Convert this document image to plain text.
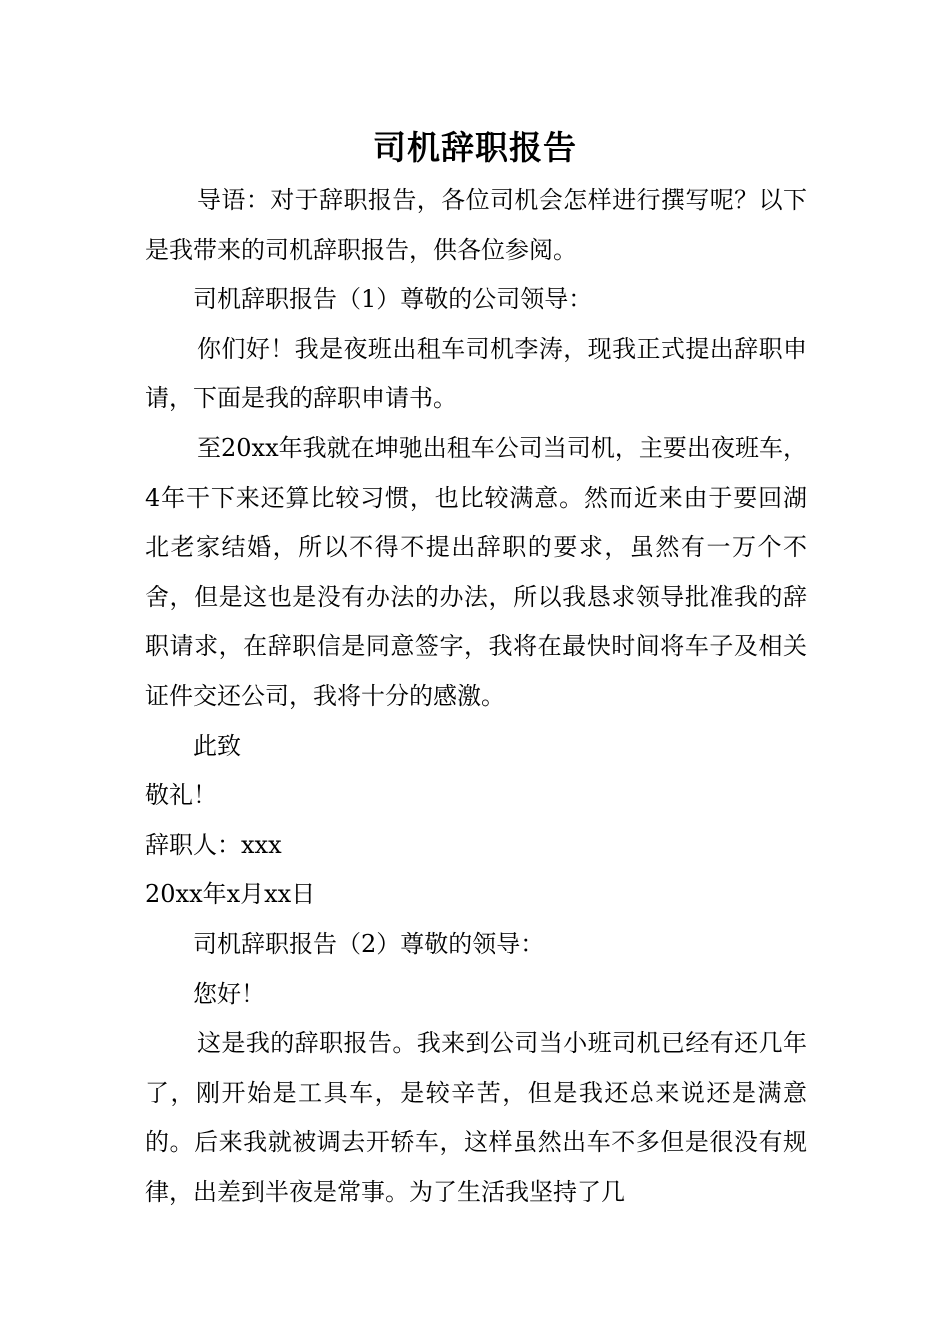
司机辞职报告

导语：对于辞职报告，各位司机会怎样进行撰写呢？以下是我带来的司机辞职报告，供各位参阅。

司机辞职报告（1）尊敬的公司领导：

你们好！我是夜班出租车司机李涛，现我正式提出辞职申请，下面是我的辞职申请书。

至20xx年我就在坤驰出租车公司当司机，主要出夜班车，4年干下来还算比较习惯，也比较满意。然而近来由于要回湖北老家结婚，所以不得不提出辞职的要求，虽然有一万个不舍，但是这也是没有办法的办法，所以我恳求领导批准我的辞职请求，在辞职信是同意签字，我将在最快时间将车子及相关证件交还公司，我将十分的感激。

此致

敬礼！

辞职人：xxx

20xx年x月xx日

司机辞职报告（2）尊敬的领导：

您好！

这是我的辞职报告。我来到公司当小班司机已经有还几年了，刚开始是工具车，是较辛苦，但是我还总来说还是满意的。后来我就被调去开轿车，这样虽然出车不多但是很没有规律，出差到半夜是常事。为了生活我坚持了几
